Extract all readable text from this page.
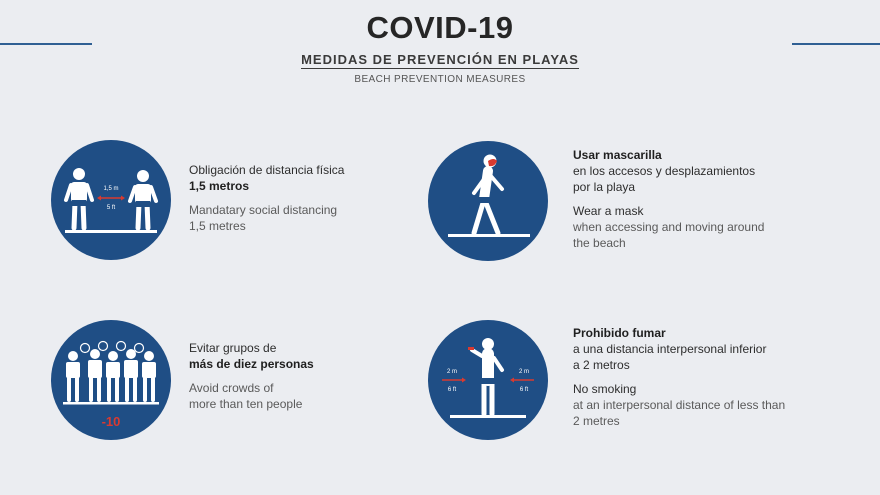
COVID-19
MEDIDAS DE PREVENCIÓN EN PLAYAS
BEACH PREVENTION MEASURES
1,5 m
5 ft
Obligación de distancia física
1,5 metros
Mandatary social distancing
1,5 metres
Usar mascarilla
en los accesos y desplazamientos
por la playa
Wear a mask
when accessing and moving around
the beach
-10
Evitar grupos de
más de diez personas
Avoid crowds of
more than ten people
2 m
6 ft
2 m
6 ft
Prohibido fumar
a una distancia interpersonal inferior
a 2 metros
No smoking
at an interpersonal distance of less than
2 metres
